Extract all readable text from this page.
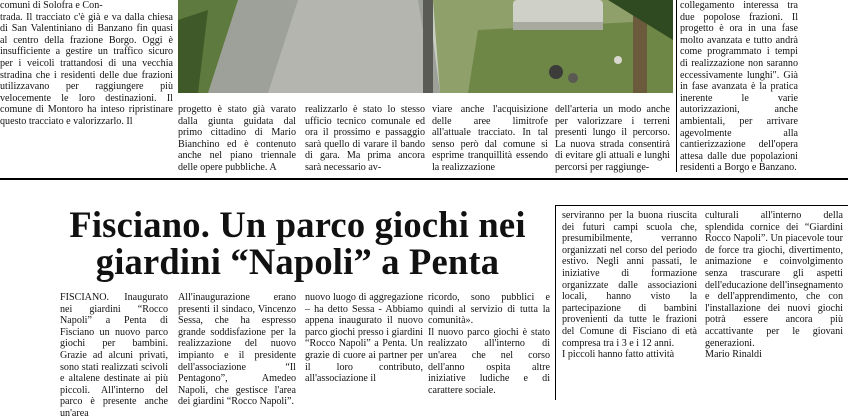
comuni di Solofra e Con-
trada. Il tracciato c'è già e va dalla chiesa di San Valentiniano di Banzano fin quasi al centro della frazione Borgo. Oggi è insufficiente a gestire un traffico sicuro per i veicoli trattandosi di una vecchia stradina che i residenti delle due frazioni utilizzavano per raggiungere più velocemente le loro destinazioni. Il comune di Montoro ha inteso ripristinare questo tracciato e valorizzarlo. Il
progetto è stato già varato dalla giunta guidata dal primo cittadino di Mario Bianchino ed è contenuto anche nel piano triennale delle opere pubbliche. A
realizzarlo è stato lo stesso ufficio tecnico comunale ed ora il prossimo e passaggio sarà quello di varare il bando di gara. Ma prima ancora sarà necessario av-
viare anche l'acquisizione delle aree limitrofe all'attuale tracciato. In tal senso però dal comune si esprime tranquillità essendo la realizzazione
dell'arteria un modo anche per valorizzare i terreni presenti lungo il percorso. La nuova strada consentirà di evitare gli attuali e lunghi percorsi per raggiunge-
collegamento interessa tra due popolose frazioni. Il progetto è ora in una fase molto avanzata e tutto andrà come programmato i tempi di realizzazione non saranno eccessivamente lunghi". Già in fase avanzata è la pratica inerente le varie autorizzazioni, anche ambientali, per arrivare agevolmente alla cantierizzazione dell'opera attesa dalle due popolazioni residenti a Borgo e Banzano.
Fisciano. Un parco giochi nei giardini “Napoli” a Penta
FISCIANO. Inaugurato nei giardini “Rocco Napoli” a Penta di Fisciano un nuovo parco giochi per bambini. Grazie ad alcuni privati, sono stati realizzati scivoli e altalene destinate ai più piccoli. All'interno del parco è presente anche un'area
All'inaugurazione erano presenti il sindaco, Vincenzo Sessa, che ha espresso grande soddisfazione per la realizzazione del nuovo impianto e il presidente dell'associazione “Il Pentagono”, Amedeo Napoli, che gestisce l'area dei giardini “Rocco Napoli”.
nuovo luogo di aggregazione – ha detto Sessa - Abbiamo appena inaugurato il nuovo parco giochi presso i giardini “Rocco Napoli” a Penta. Un grazie di cuore ai partner per il loro contributo, all'associazione il
ricordo, sono pubblici e quindi al servizio di tutta la comunità».
Il nuovo parco giochi è stato realizzato all'interno di un'area che nel corso dell'anno ospita altre iniziative ludiche e di carattere sociale.
serviranno per la buona riuscita dei futuri campi scuola che, presumibilmente, verranno organizzati nel corso del periodo estivo. Negli anni passati, le iniziative di formazione organizzate dalle associazioni locali, hanno visto la partecipazione di bambini provenienti da tutte le frazioni del Comune di Fisciano di età compresa tra i 3 e i 12 anni.
I piccoli hanno fatto attività
culturali all'interno della splendida cornice dei “Giardini Rocco Napoli”. Un piacevole tour de force tra giochi, divertimento, animazione e coinvolgimento senza trascurare gli aspetti dell'educazione dell'insegnamento e dell'apprendimento, che con l'installazione dei nuovi giochi potrà essere ancora più accattivante per le giovani generazioni.
Mario Rinaldi
